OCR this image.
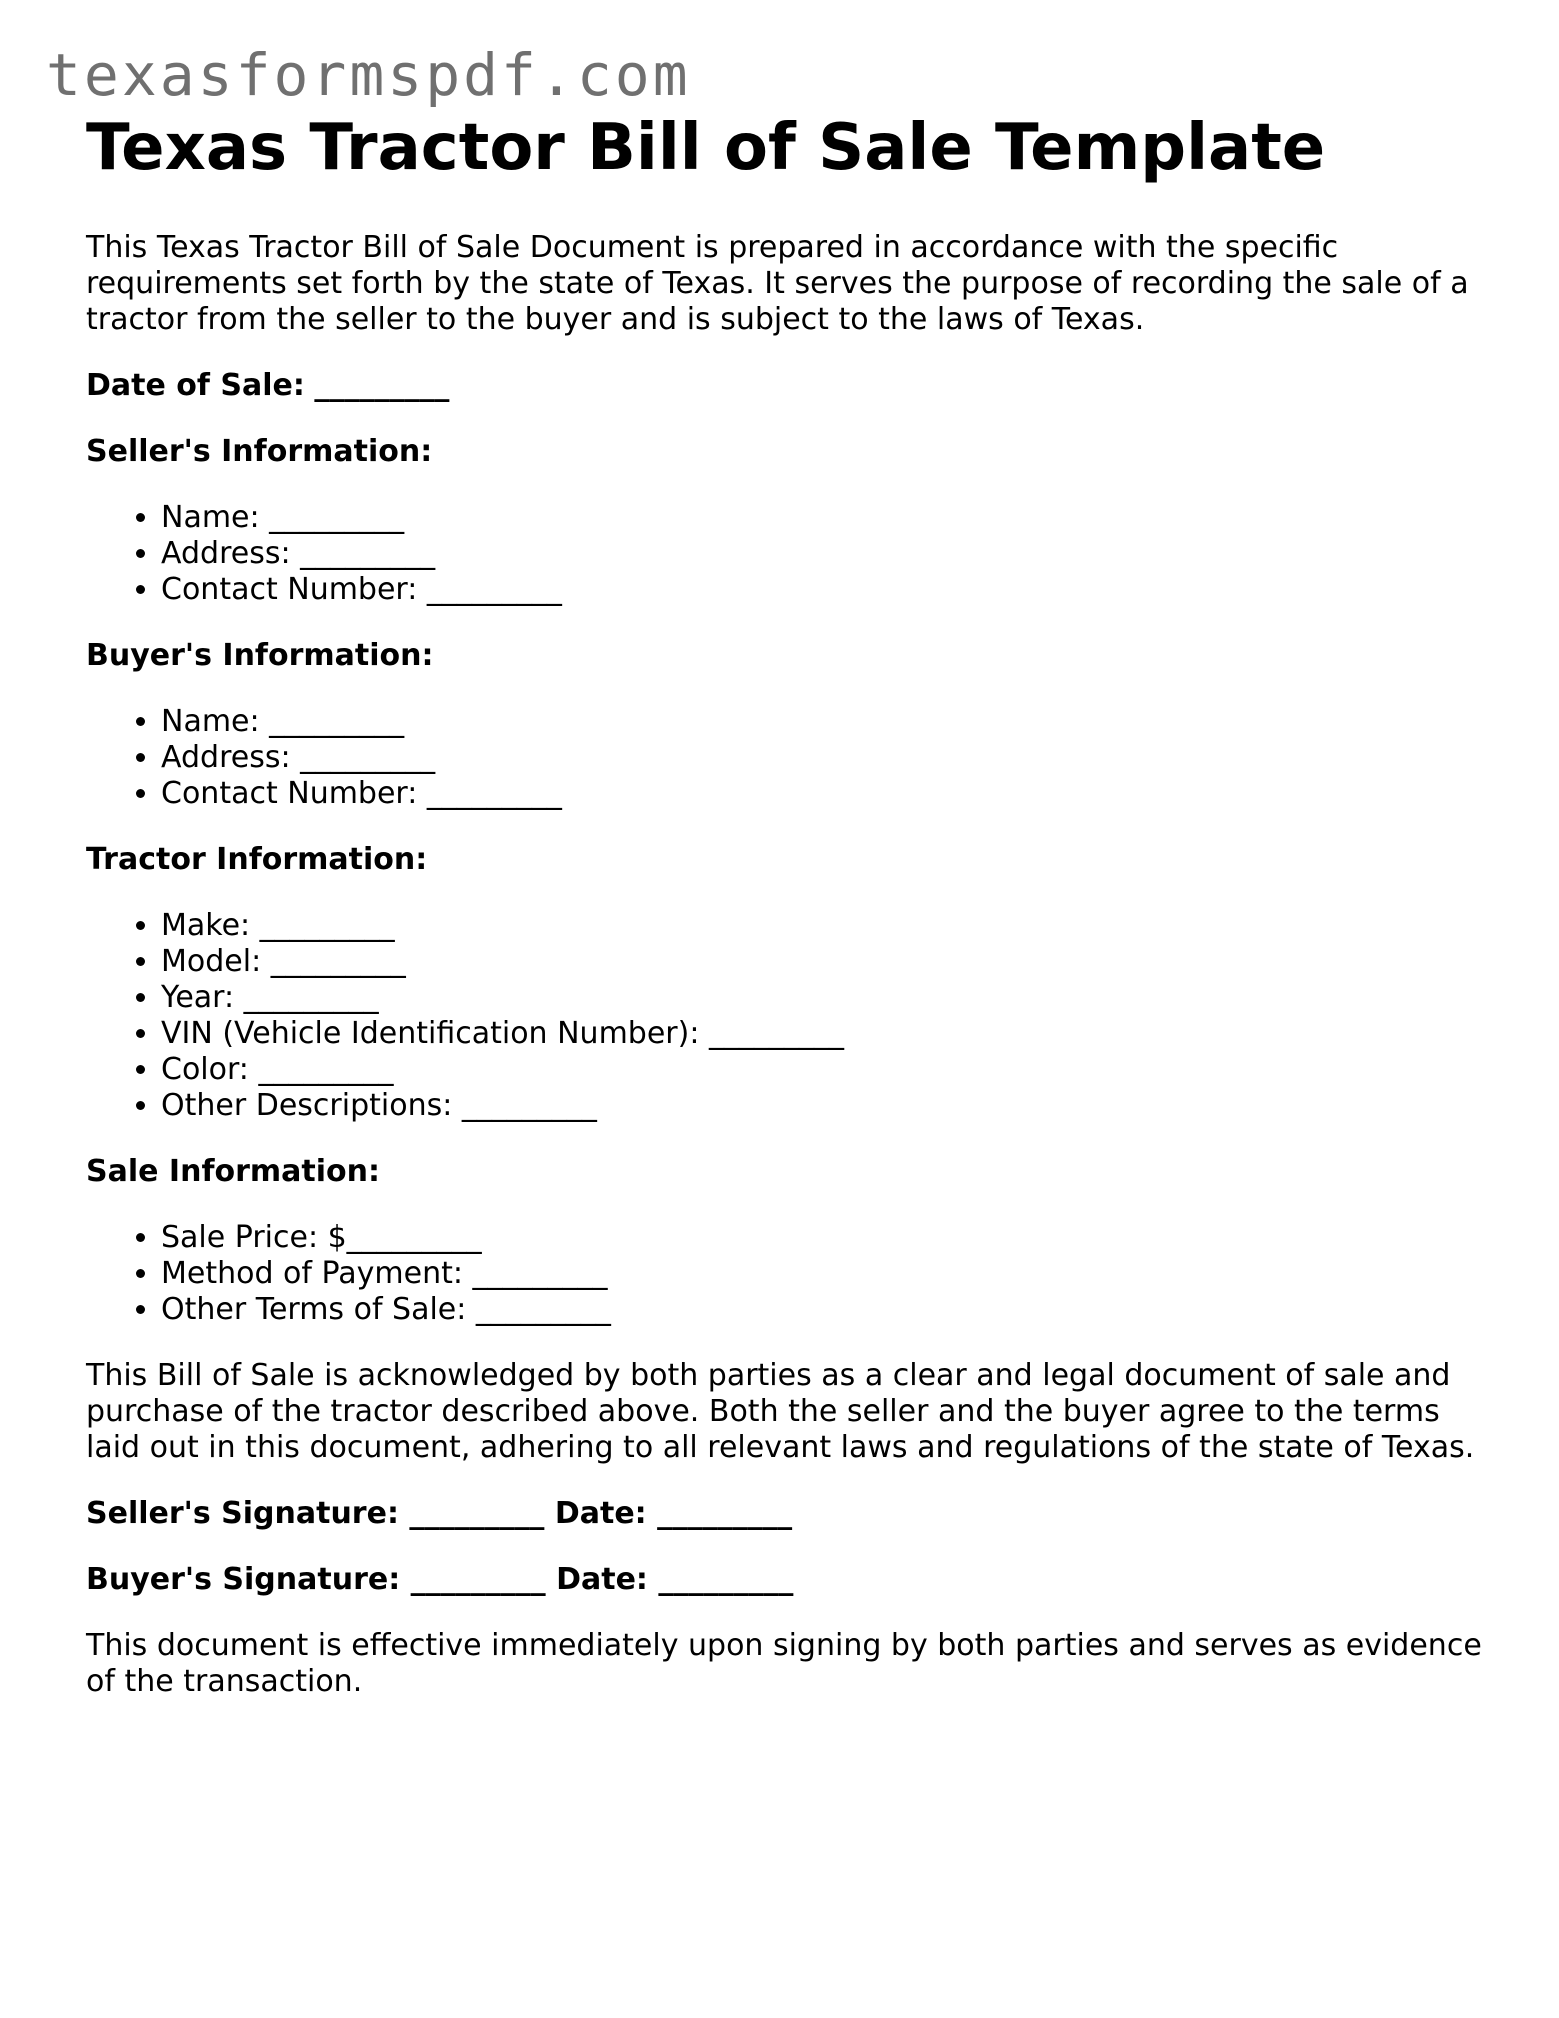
texasformspdf.com
Texas Tractor Bill of Sale Template

This Texas Tractor Bill of Sale Document is prepared in accordance with the specific requirements set forth by the state of Texas. It serves the purpose of recording the sale of a tractor from the seller to the buyer and is subject to the laws of Texas.

Date of Sale: _________

Seller's Information:

• Name: _________
• Address: _________
• Contact Number: _________

Buyer's Information:

• Name: _________
• Address: _________
• Contact Number: _________

Tractor Information:

• Make: _________
• Model: _________
• Year: _________
• VIN (Vehicle Identification Number): _________
• Color: _________
• Other Descriptions: _________

Sale Information:

• Sale Price: $_________
• Method of Payment: _________
• Other Terms of Sale: _________

This Bill of Sale is acknowledged by both parties as a clear and legal document of sale and purchase of the tractor described above. Both the seller and the buyer agree to the terms laid out in this document, adhering to all relevant laws and regulations of the state of Texas.

Seller's Signature: _________ Date: _________

Buyer's Signature: _________ Date: _________

This document is effective immediately upon signing by both parties and serves as evidence of the transaction.
